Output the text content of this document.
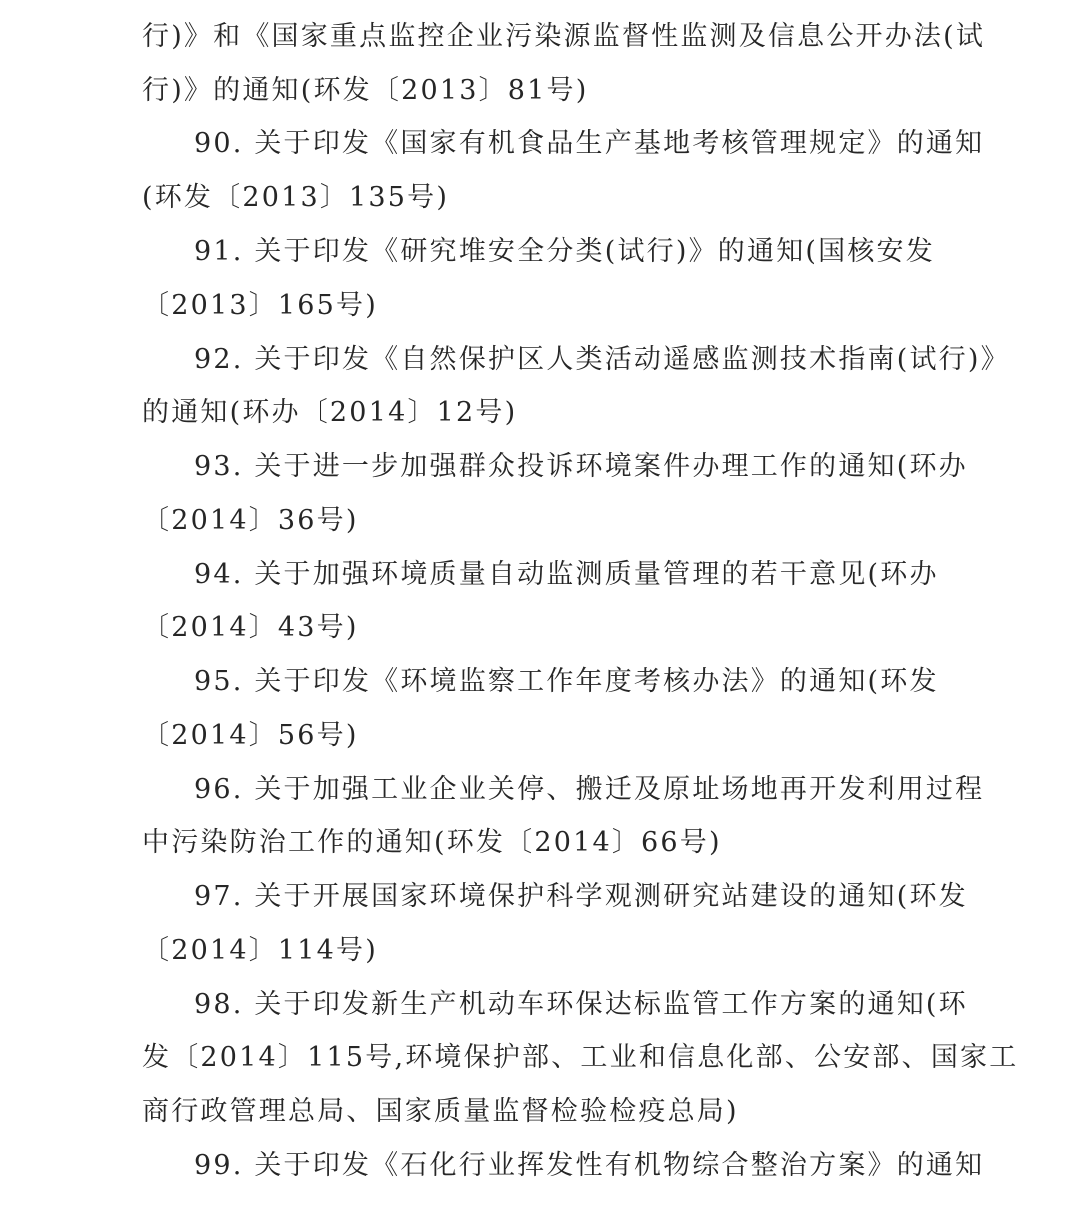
行)》和《国家重点监控企业污染源监督性监测及信息公开办法(试
行)》的通知(环发〔2013〕81号)
90. 关于印发《国家有机食品生产基地考核管理规定》的通知
(环发〔2013〕135号)
91. 关于印发《研究堆安全分类(试行)》的通知(国核安发
〔2013〕165号)
92. 关于印发《自然保护区人类活动遥感监测技术指南(试行)》
的通知(环办〔2014〕12号)
93. 关于进一步加强群众投诉环境案件办理工作的通知(环办
〔2014〕36号)
94. 关于加强环境质量自动监测质量管理的若干意见(环办
〔2014〕43号)
95. 关于印发《环境监察工作年度考核办法》的通知(环发
〔2014〕56号)
96. 关于加强工业企业关停、搬迁及原址场地再开发利用过程
中污染防治工作的通知(环发〔2014〕66号)
97. 关于开展国家环境保护科学观测研究站建设的通知(环发
〔2014〕114号)
98. 关于印发新生产机动车环保达标监管工作方案的通知(环
发〔2014〕115号,环境保护部、工业和信息化部、公安部、国家工
商行政管理总局、国家质量监督检验检疫总局)
99. 关于印发《石化行业挥发性有机物综合整治方案》的通知
